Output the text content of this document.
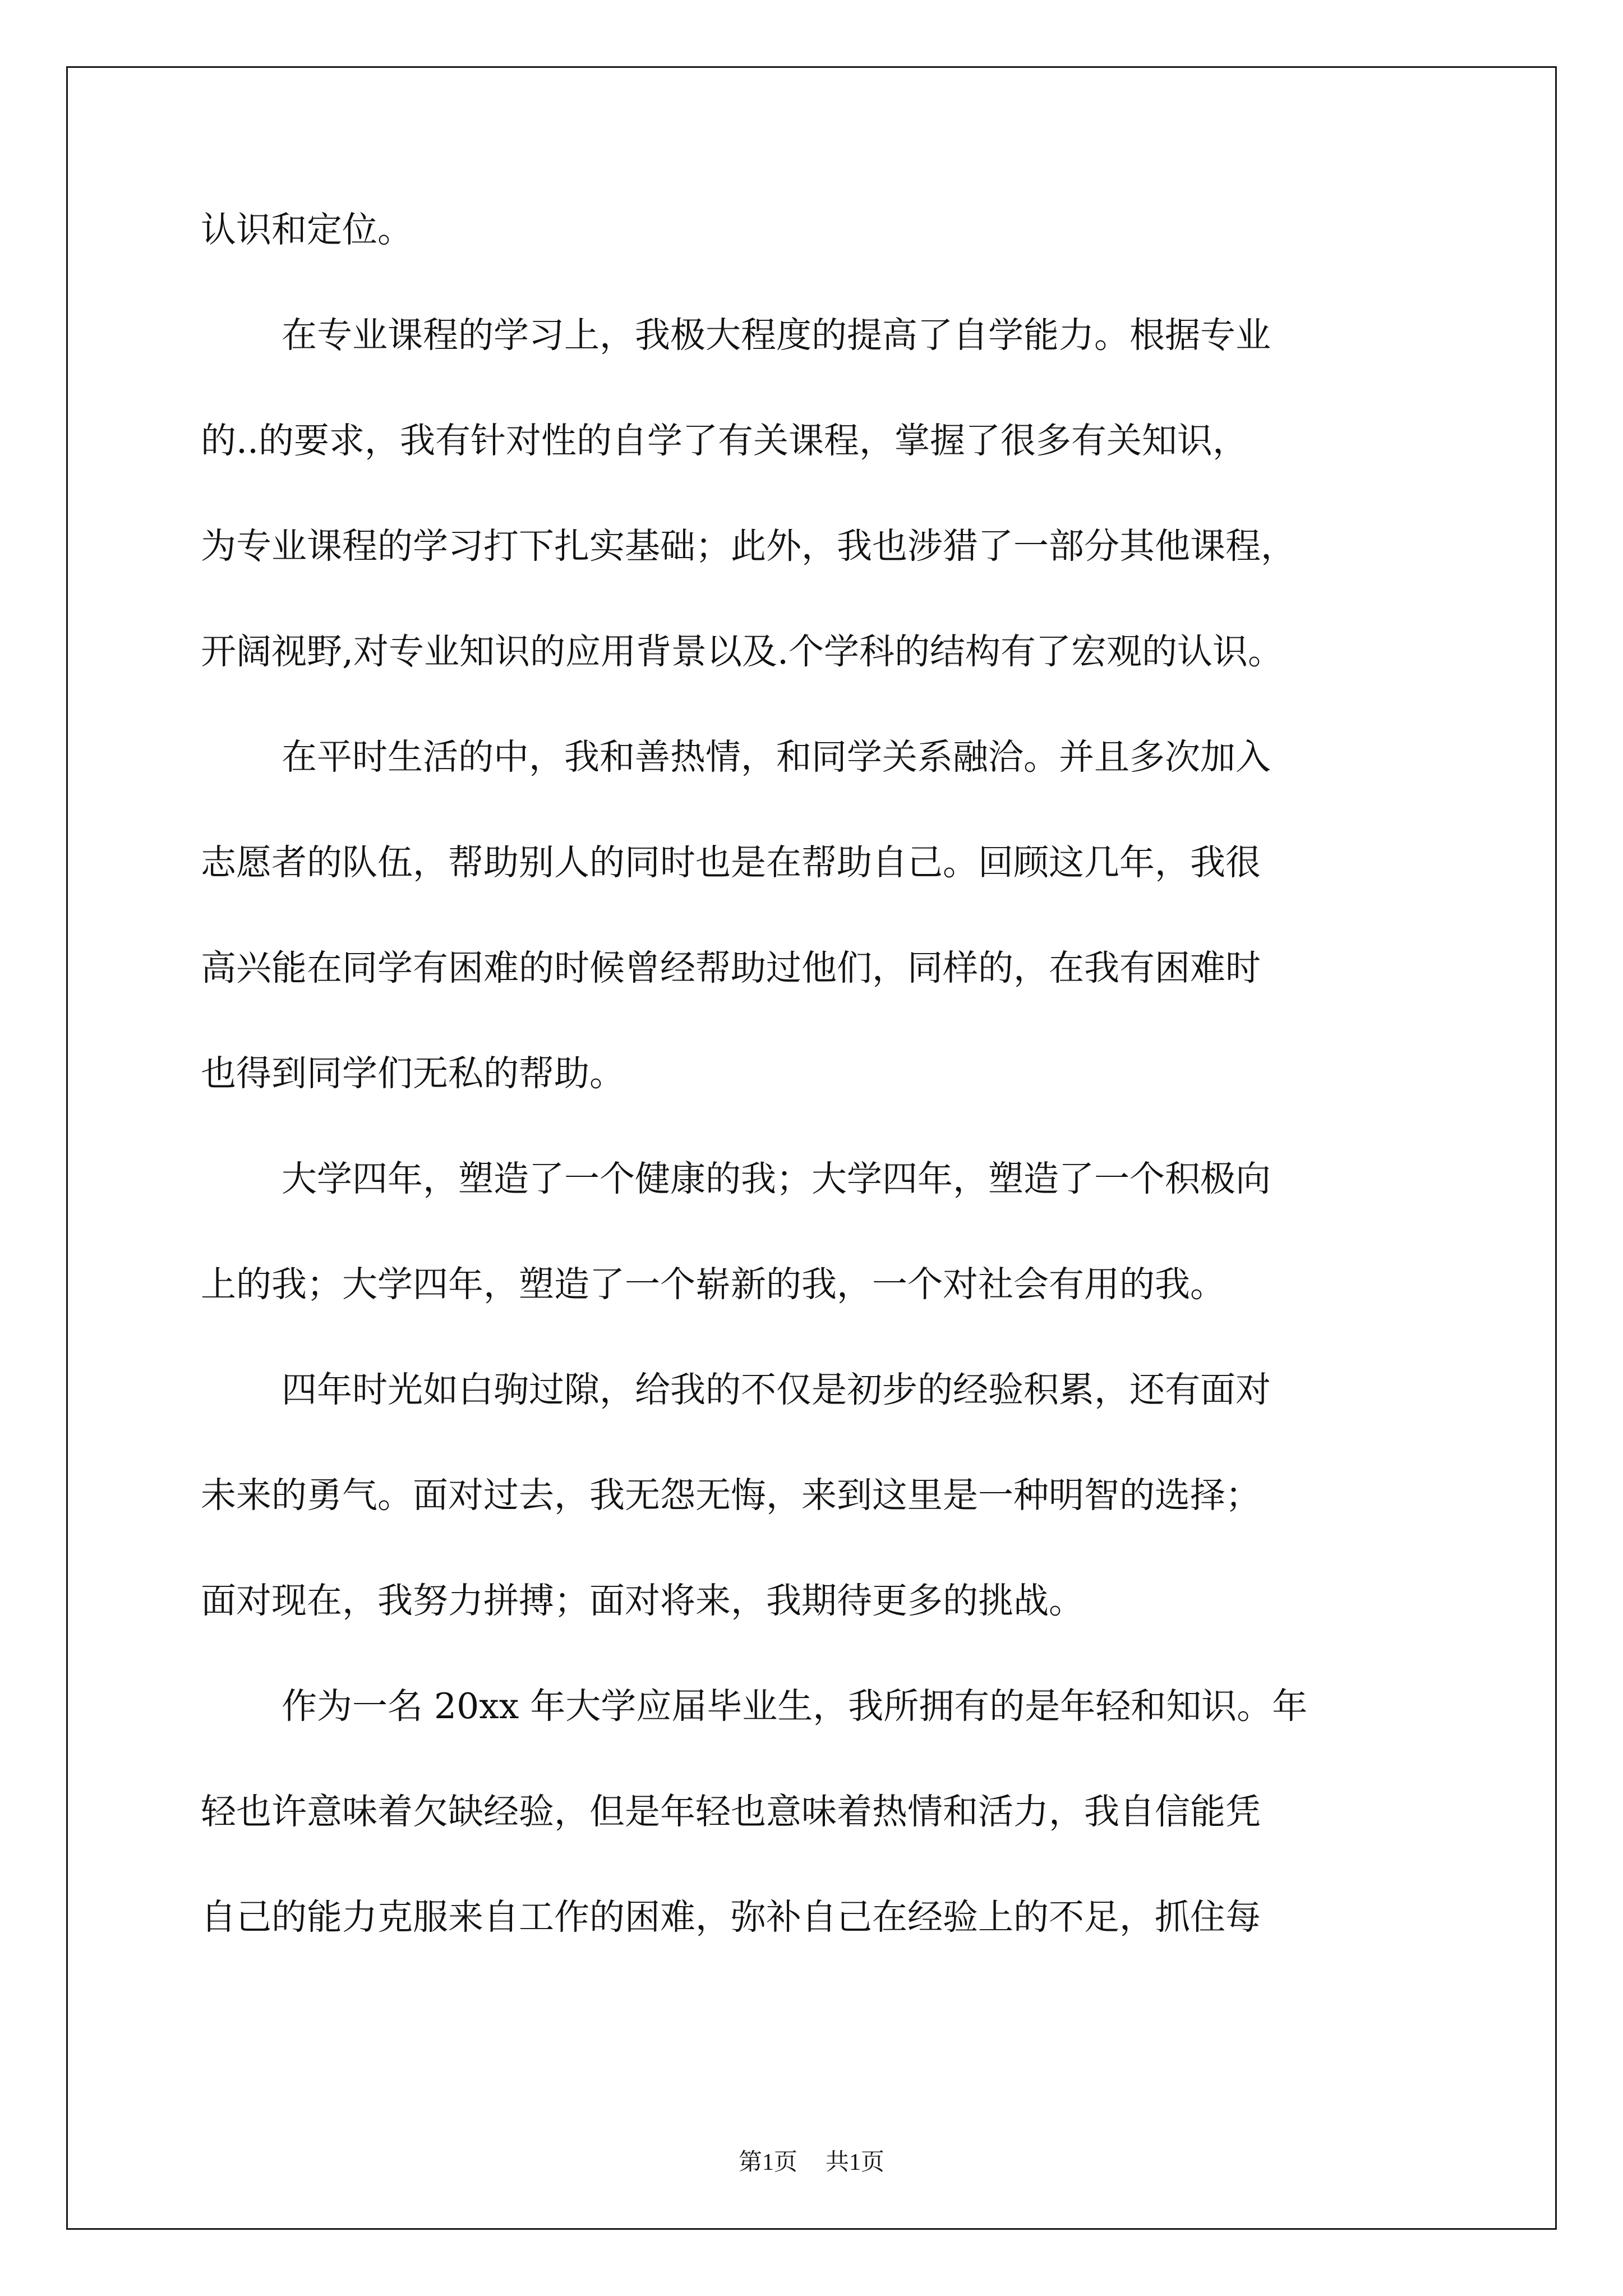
认识和定位。
在专业课程的学习上，我极大程度的提高了自学能力。根据专业
的..的要求，我有针对性的自学了有关课程，掌握了很多有关知识，
为专业课程的学习打下扎实基础；此外，我也涉猎了一部分其他课程，
开阔视野,对专业知识的应用背景以及.个学科的结构有了宏观的认识。
在平时生活的中，我和善热情，和同学关系融洽。并且多次加入
志愿者的队伍，帮助别人的同时也是在帮助自己。回顾这几年，我很
高兴能在同学有困难的时候曾经帮助过他们，同样的，在我有困难时
也得到同学们无私的帮助。
大学四年，塑造了一个健康的我；大学四年，塑造了一个积极向
上的我；大学四年，塑造了一个崭新的我，一个对社会有用的我。
四年时光如白驹过隙，给我的不仅是初步的经验积累，还有面对
未来的勇气。面对过去，我无怨无悔，来到这里是一种明智的选择；
面对现在，我努力拼搏；面对将来，我期待更多的挑战。
作为一名 20xx 年大学应届毕业生，我所拥有的是年轻和知识。年
轻也许意味着欠缺经验，但是年轻也意味着热情和活力，我自信能凭
自己的能力克服来自工作的困难，弥补自己在经验上的不足，抓住每
第1页 共1页
